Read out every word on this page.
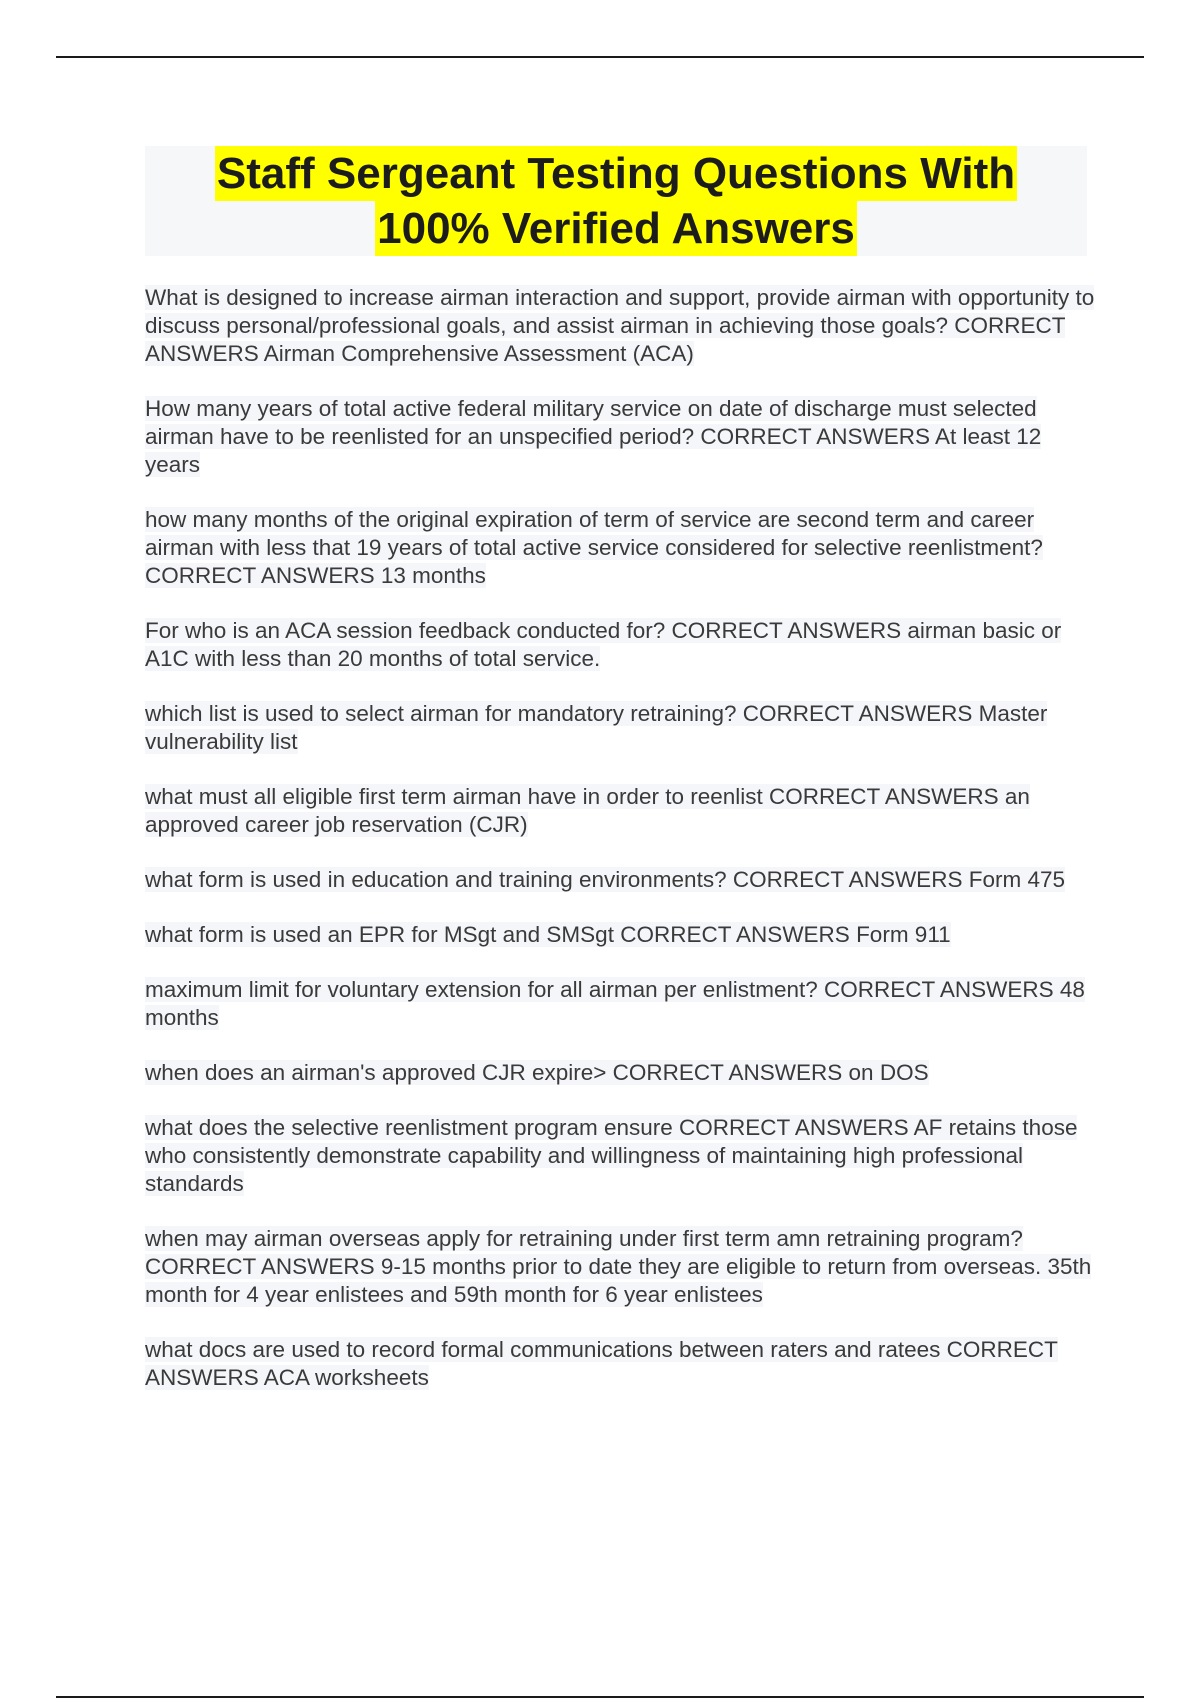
Staff Sergeant Testing Questions With
100% Verified Answers

What is designed to increase airman interaction and support, provide airman with opportunity to discuss personal/professional goals, and assist airman in achieving those goals? CORRECT ANSWERS Airman Comprehensive Assessment (ACA)

How many years of total active federal military service on date of discharge must selected airman have to be reenlisted for an unspecified period? CORRECT ANSWERS At least 12 years

how many months of the original expiration of term of service are second term and career airman with less that 19 years of total active service considered for selective reenlistment? CORRECT ANSWERS 13 months

For who is an ACA session feedback conducted for? CORRECT ANSWERS airman basic or A1C with less than 20 months of total service.

which list is used to select airman for mandatory retraining? CORRECT ANSWERS Master vulnerability list

what must all eligible first term airman have in order to reenlist CORRECT ANSWERS an approved career job reservation (CJR)

what form is used in education and training environments? CORRECT ANSWERS Form 475

what form is used an EPR for MSgt and SMSgt CORRECT ANSWERS Form 911

maximum limit for voluntary extension for all airman per enlistment? CORRECT ANSWERS 48 months

when does an airman's approved CJR expire> CORRECT ANSWERS on DOS

what does the selective reenlistment program ensure CORRECT ANSWERS AF retains those who consistently demonstrate capability and willingness of maintaining high professional standards

when may airman overseas apply for retraining under first term amn retraining program? CORRECT ANSWERS 9-15 months prior to date they are eligible to return from overseas. 35th month for 4 year enlistees and 59th month for 6 year enlistees

what docs are used to record formal communications between raters and ratees CORRECT ANSWERS ACA worksheets
